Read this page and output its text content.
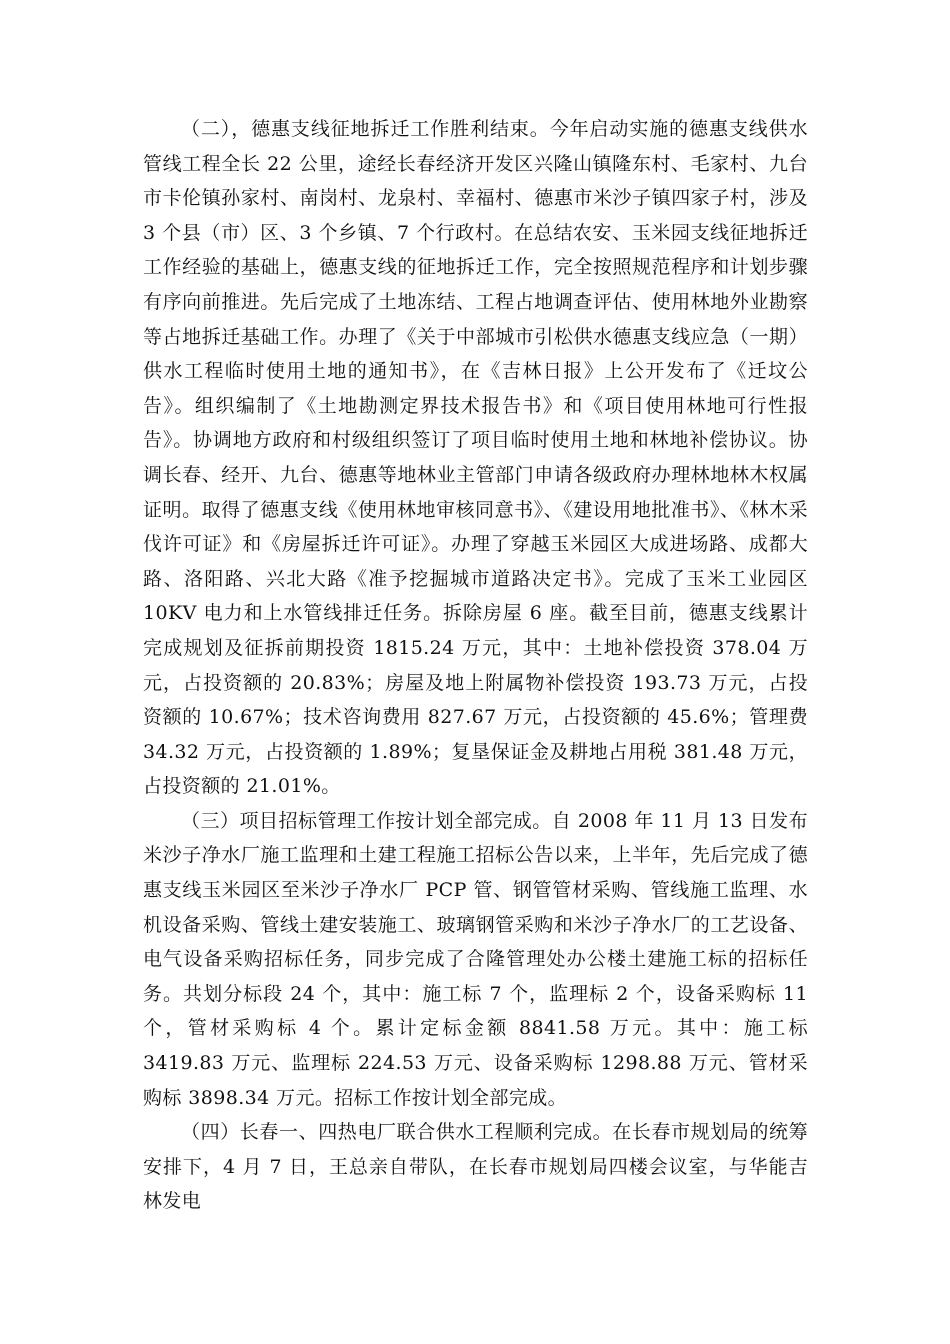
（二），德惠支线征地拆迁工作胜利结束。今年启动实施的德惠支线供水管线工程全长 22 公里，途经长春经济开发区兴隆山镇隆东村、毛家村、九台市卡伦镇孙家村、南岗村、龙泉村、幸福村、德惠市米沙子镇四家子村，涉及 3 个县（市）区、3 个乡镇、7 个行政村。在总结农安、玉米园支线征地拆迁工作经验的基础上，德惠支线的征地拆迁工作，完全按照规范程序和计划步骤有序向前推进。先后完成了土地冻结、工程占地调查评估、使用林地外业勘察等占地拆迁基础工作。办理了《关于中部城市引松供水德惠支线应急（一期）供水工程临时使用土地的通知书》，在《吉林日报》上公开发布了《迁坟公告》。组织编制了《土地勘测定界技术报告书》和《项目使用林地可行性报告》。协调地方政府和村级组织签订了项目临时使用土地和林地补偿协议。协调长春、经开、九台、德惠等地林业主管部门申请各级政府办理林地林木权属证明。取得了德惠支线《使用林地审核同意书》、《建设用地批准书》、《林木采伐许可证》和《房屋拆迁许可证》。办理了穿越玉米园区大成进场路、成都大路、洛阳路、兴北大路《准予挖掘城市道路决定书》。完成了玉米工业园区 10KV 电力和上水管线排迁任务。拆除房屋 6 座。截至目前，德惠支线累计完成规划及征拆前期投资 1815.24 万元，其中：土地补偿投资 378.04 万元，占投资额的 20.83%；房屋及地上附属物补偿投资 193.73 万元，占投资额的 10.67%；技术咨询费用 827.67 万元，占投资额的 45.6%；管理费 34.32 万元，占投资额的 1.89%；复垦保证金及耕地占用税 381.48 万元，占投资额的 21.01%。

（三）项目招标管理工作按计划全部完成。自 2008 年 11 月 13 日发布米沙子净水厂施工监理和土建工程施工招标公告以来，上半年，先后完成了德惠支线玉米园区至米沙子净水厂 PCP 管、钢管管材采购、管线施工监理、水机设备采购、管线土建安装施工、玻璃钢管采购和米沙子净水厂的工艺设备、电气设备采购招标任务，同步完成了合隆管理处办公楼土建施工标的招标任务。共划分标段 24 个，其中：施工标 7 个，监理标 2 个，设备采购标 11 个，管材采购标 4 个。累计定标金额 8841.58 万元。其中：施工标 3419.83 万元、监理标 224.53 万元、设备采购标 1298.88 万元、管材采购标 3898.34 万元。招标工作按计划全部完成。

（四）长春一、四热电厂联合供水工程顺利完成。在长春市规划局的统筹安排下，4 月 7 日，王总亲自带队，在长春市规划局四楼会议室，与华能吉林发电
